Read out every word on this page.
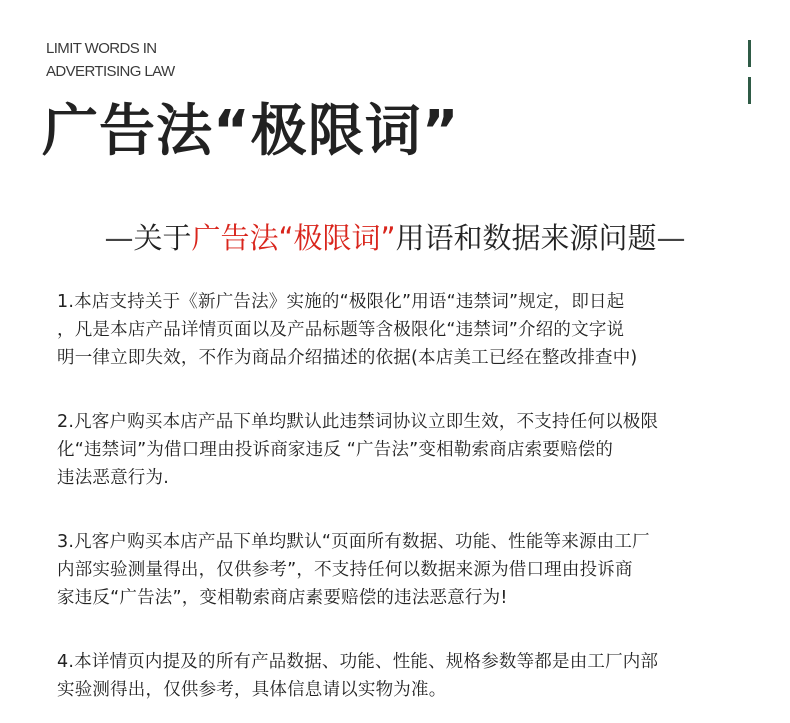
LIMIT WORDS IN
ADVERTISING LAW
广告法“极限词”
—关于广告法“极限词”用语和数据来源问题—
1.本店支持关于《新广告法》实施的“极限化”用语“违禁词”规定，即日起
，凡是本店产品详情页面以及产品标题等含极限化“违禁词”介绍的文字说
明一律立即失效，不作为商品介绍描述的依据(本店美工已经在整改排查中)
2.凡客户购买本店产品下单均默认此违禁词协议立即生效，不支持任何以极限
化“违禁词”为借口理由投诉商家违反 “广告法”变相勒索商店索要赔偿的
违法恶意行为.
3.凡客户购买本店产品下单均默认“页面所有数据、功能、性能等来源由工厂
内部实验测量得出，仅供参考”，不支持任何以数据来源为借口理由投诉商
家违反“广告法”，变相勒索商店素要赔偿的违法恶意行为!
4.本详情页内提及的所有产品数据、功能、性能、规格参数等都是由工厂内部
实验测得出，仅供参考，具体信息请以实物为准。
